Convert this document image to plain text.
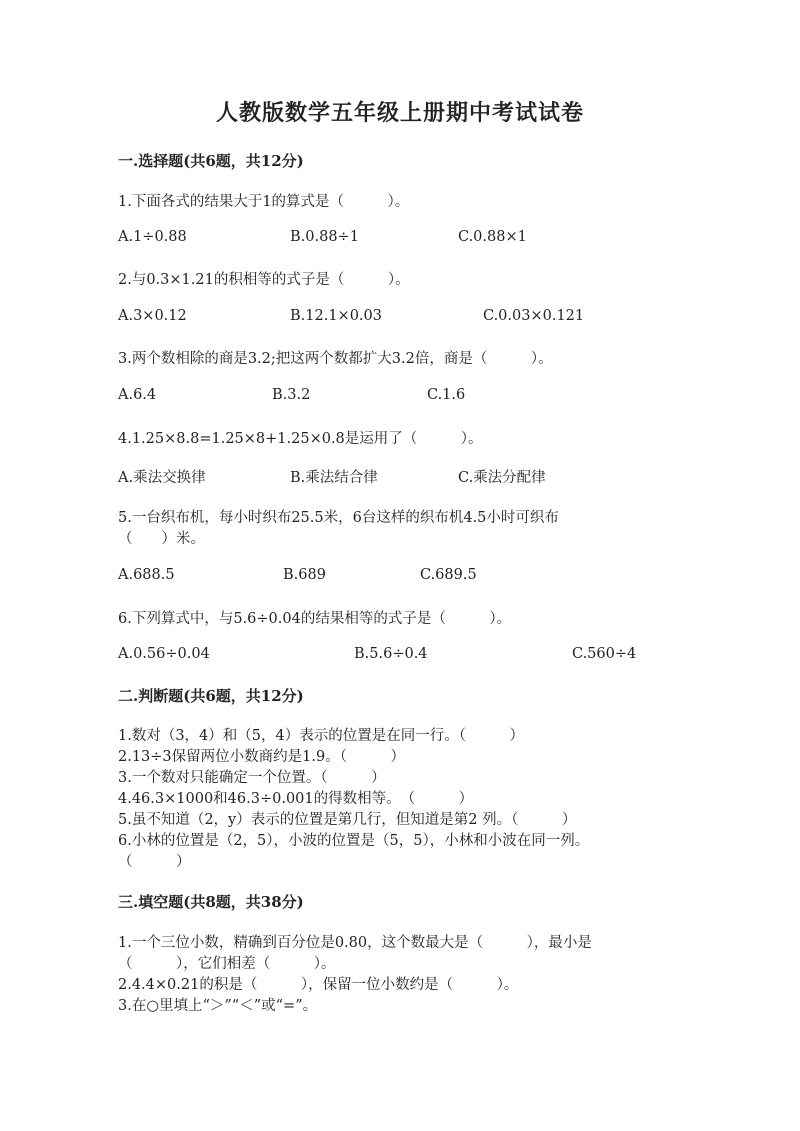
人教版数学五年级上册期中考试试卷
一.选择题(共6题，共12分)
1.下面各式的结果大于1的算式是（　　　）。
A.1÷0.88	B.0.88÷1	C.0.88×1
2.与0.3×1.21的积相等的式子是（　　　）。
A.3×0.12	B.12.1×0.03	C.0.03×0.121
3.两个数相除的商是3.2;把这两个数都扩大3.2倍，商是（　　　）。
A.6.4	B.3.2	C.1.6
4.1.25×8.8=1.25×8+1.25×0.8是运用了（　　　）。
A.乘法交换律	B.乘法结合律	C.乘法分配律
5.一台织布机，每小时织布25.5米，6台这样的织布机4.5小时可织布
（　　）米。
A.688.5	B.689	C.689.5
6.下列算式中，与5.6÷0.04的结果相等的式子是（　　　）。
A.0.56÷0.04	B.5.6÷0.4	C.560÷4
二.判断题(共6题，共12分)
1.数对（3，4）和（5，4）表示的位置是在同一行。（　　　）
2.13÷3保留两位小数商约是1.9。（　　　）
3.一个数对只能确定一个位置。（　　　）
4.46.3×1000和46.3÷0.001的得数相等。　（　　　）
5.虽不知道（2，y）表示的位置是第几行，但知道是第2 列。（　　　）
6.小林的位置是（2，5），小波的位置是（5，5），小林和小波在同一列。
（　　　）
三.填空题(共8题，共38分)
1.一个三位小数，精确到百分位是0.80，这个数最大是（　　　），最小是
（　　　），它们相差（　　　）。
2.4.4×0.21的积是（　　　），保留一位小数约是（　　　）。
3.在○里填上“＞”“＜”或“=”。
